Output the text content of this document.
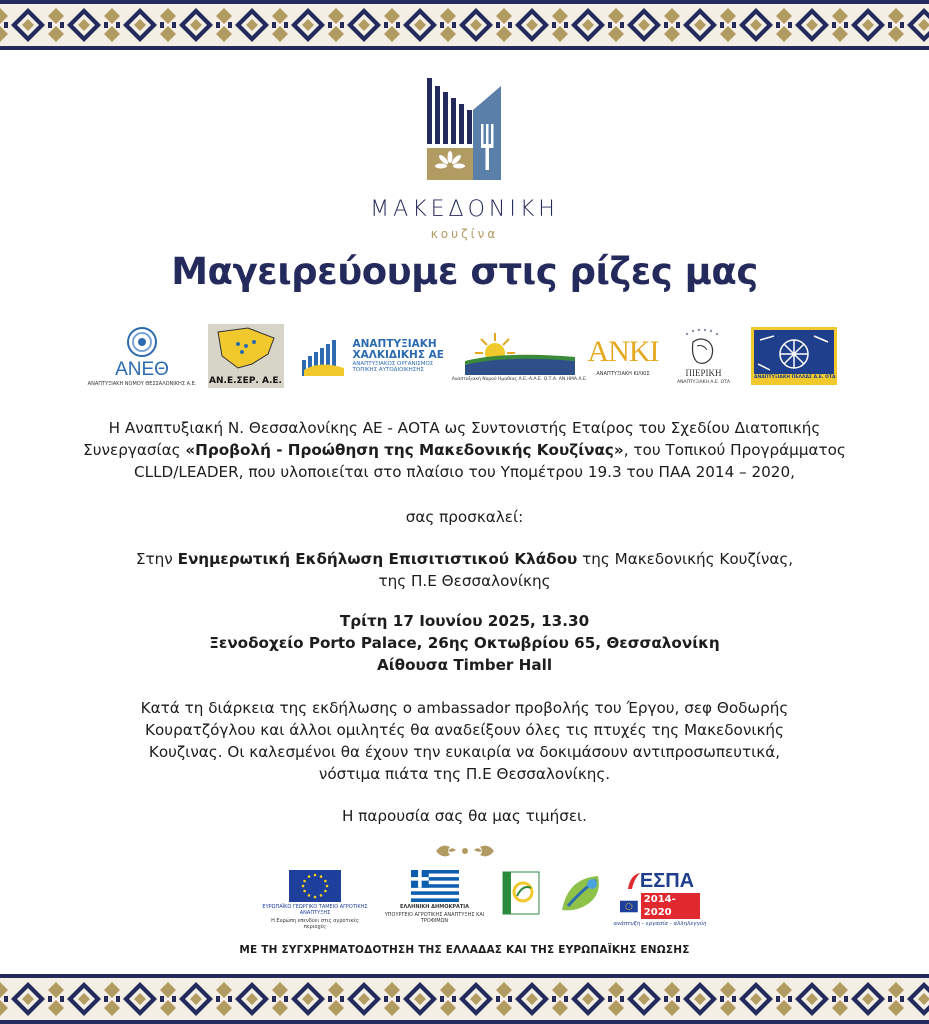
ΜΑΚΕΔΟΝΙΚΗ
κουζίνα
Μαγειρεύουμε στις ρίζες μας
ΑΝΕΘ
ΑΝΑΠΤΥΞΙΑΚΗ ΝΟΜΟΥ ΘΕΣΣΑΛΟΝΙΚΗΣ Α.Ε. ΑΝ.Ε.ΣΕΡ. Α.Ε.
ΑΝΑΠΤΥΞΙΑΚΗ ΧΑΛΚΙΔΙΚΗΣ ΑΕ
ΑΝΑΠΤΥΞΙΑΚΟΣ ΟΡΓΑΝΙΣΜΟΣ ΤΟΠΙΚΗΣ ΑΥΤΟΔΙΟΙΚΗΣΗΣ
Αναπτυξιακή Νομού Ημαθίας Α.Ε.-Α.Α.Ε. Ο.Τ.Α. ΑΝ.ΗΜΑ.Α.Ε.
ΑΝΚΙ
ΑΝΑΠΤΥΞΙΑΚΗ ΚΙΛΚΙΣ	ΠΙΕΡΙΚΗ
ΑΝΑΠΤΥΞΙΑΚΗ Α.Ε. ΟΤΑ
ΑΝΑΠΤΥΞΙΑΚΗ ΠΕΛΛΑΣ Α.Ε. ΟΤΑ
Η Αναπτυξιακή Ν. Θεσσαλονίκης ΑΕ - ΑΟΤΑ ως Συντονιστής Εταίρος του Σχεδίου Διατοπικής
Συνεργασίας «Προβολή - Προώθηση της Μακεδονικής Κουζίνας», του Τοπικού Προγράμματος
CLLD/LEADER, που υλοποιείται στο πλαίσιο του Υπομέτρου 19.3 του ΠΑΑ 2014 – 2020,
σας προσκαλεί:
Στην Ενημερωτική Εκδήλωση Επισιτιστικού Κλάδου της Μακεδονικής Κουζίνας,
της Π.Ε Θεσσαλονίκης
Τρίτη 17 Ιουνίου 2025, 13.30
Ξενοδοχείο Porto Palace, 26ης Οκτωβρίου 65, Θεσσαλονίκη
Αίθουσα Timber Hall
Κατά τη διάρκεια της εκδήλωσης ο ambassador προβολής του Έργου, σεφ Θοδωρής
Κουρατζόγλου και άλλοι ομιλητές θα αναδείξουν όλες τις πτυχές της Μακεδονικής
Κουζινας. Οι καλεσμένοι θα έχουν την ευκαιρία να δοκιμάσουν αντιπροσωπευτικά,
νόστιμα πιάτα της Π.Ε Θεσσαλονίκης.
Η παρουσία σας θα μας τιμήσει.
ΕΥΡΩΠΑΪΚΟ ΓΕΩΡΓΙΚΟ ΤΑΜΕΙΟ ΑΓΡΟΤΙΚΗΣ ΑΝΑΠΤΥΞΗΣ
Η Ευρώπη επενδύει στις αγροτικές περιοχές
ΕΛΛΗΝΙΚΗ ΔΗΜΟΚΡΑΤΙΑ
ΥΠΟΥΡΓΕΙΟ ΑΓΡΟΤΙΚΗΣ ΑΝΑΠΤΥΞΗΣ ΚΑΙ ΤΡΟΦΙΜΩΝ
ΕΣΠΑ
2014-2020
ανάπτυξη - εργασία - αλληλεγγύη
ΜΕ ΤΗ ΣΥΓΧΡΗΜΑΤΟΔΟΤΗΣΗ ΤΗΣ ΕΛΛΑΔΑΣ ΚΑΙ ΤΗΣ ΕΥΡΩΠΑΪΚΗΣ ΕΝΩΣΗΣ
